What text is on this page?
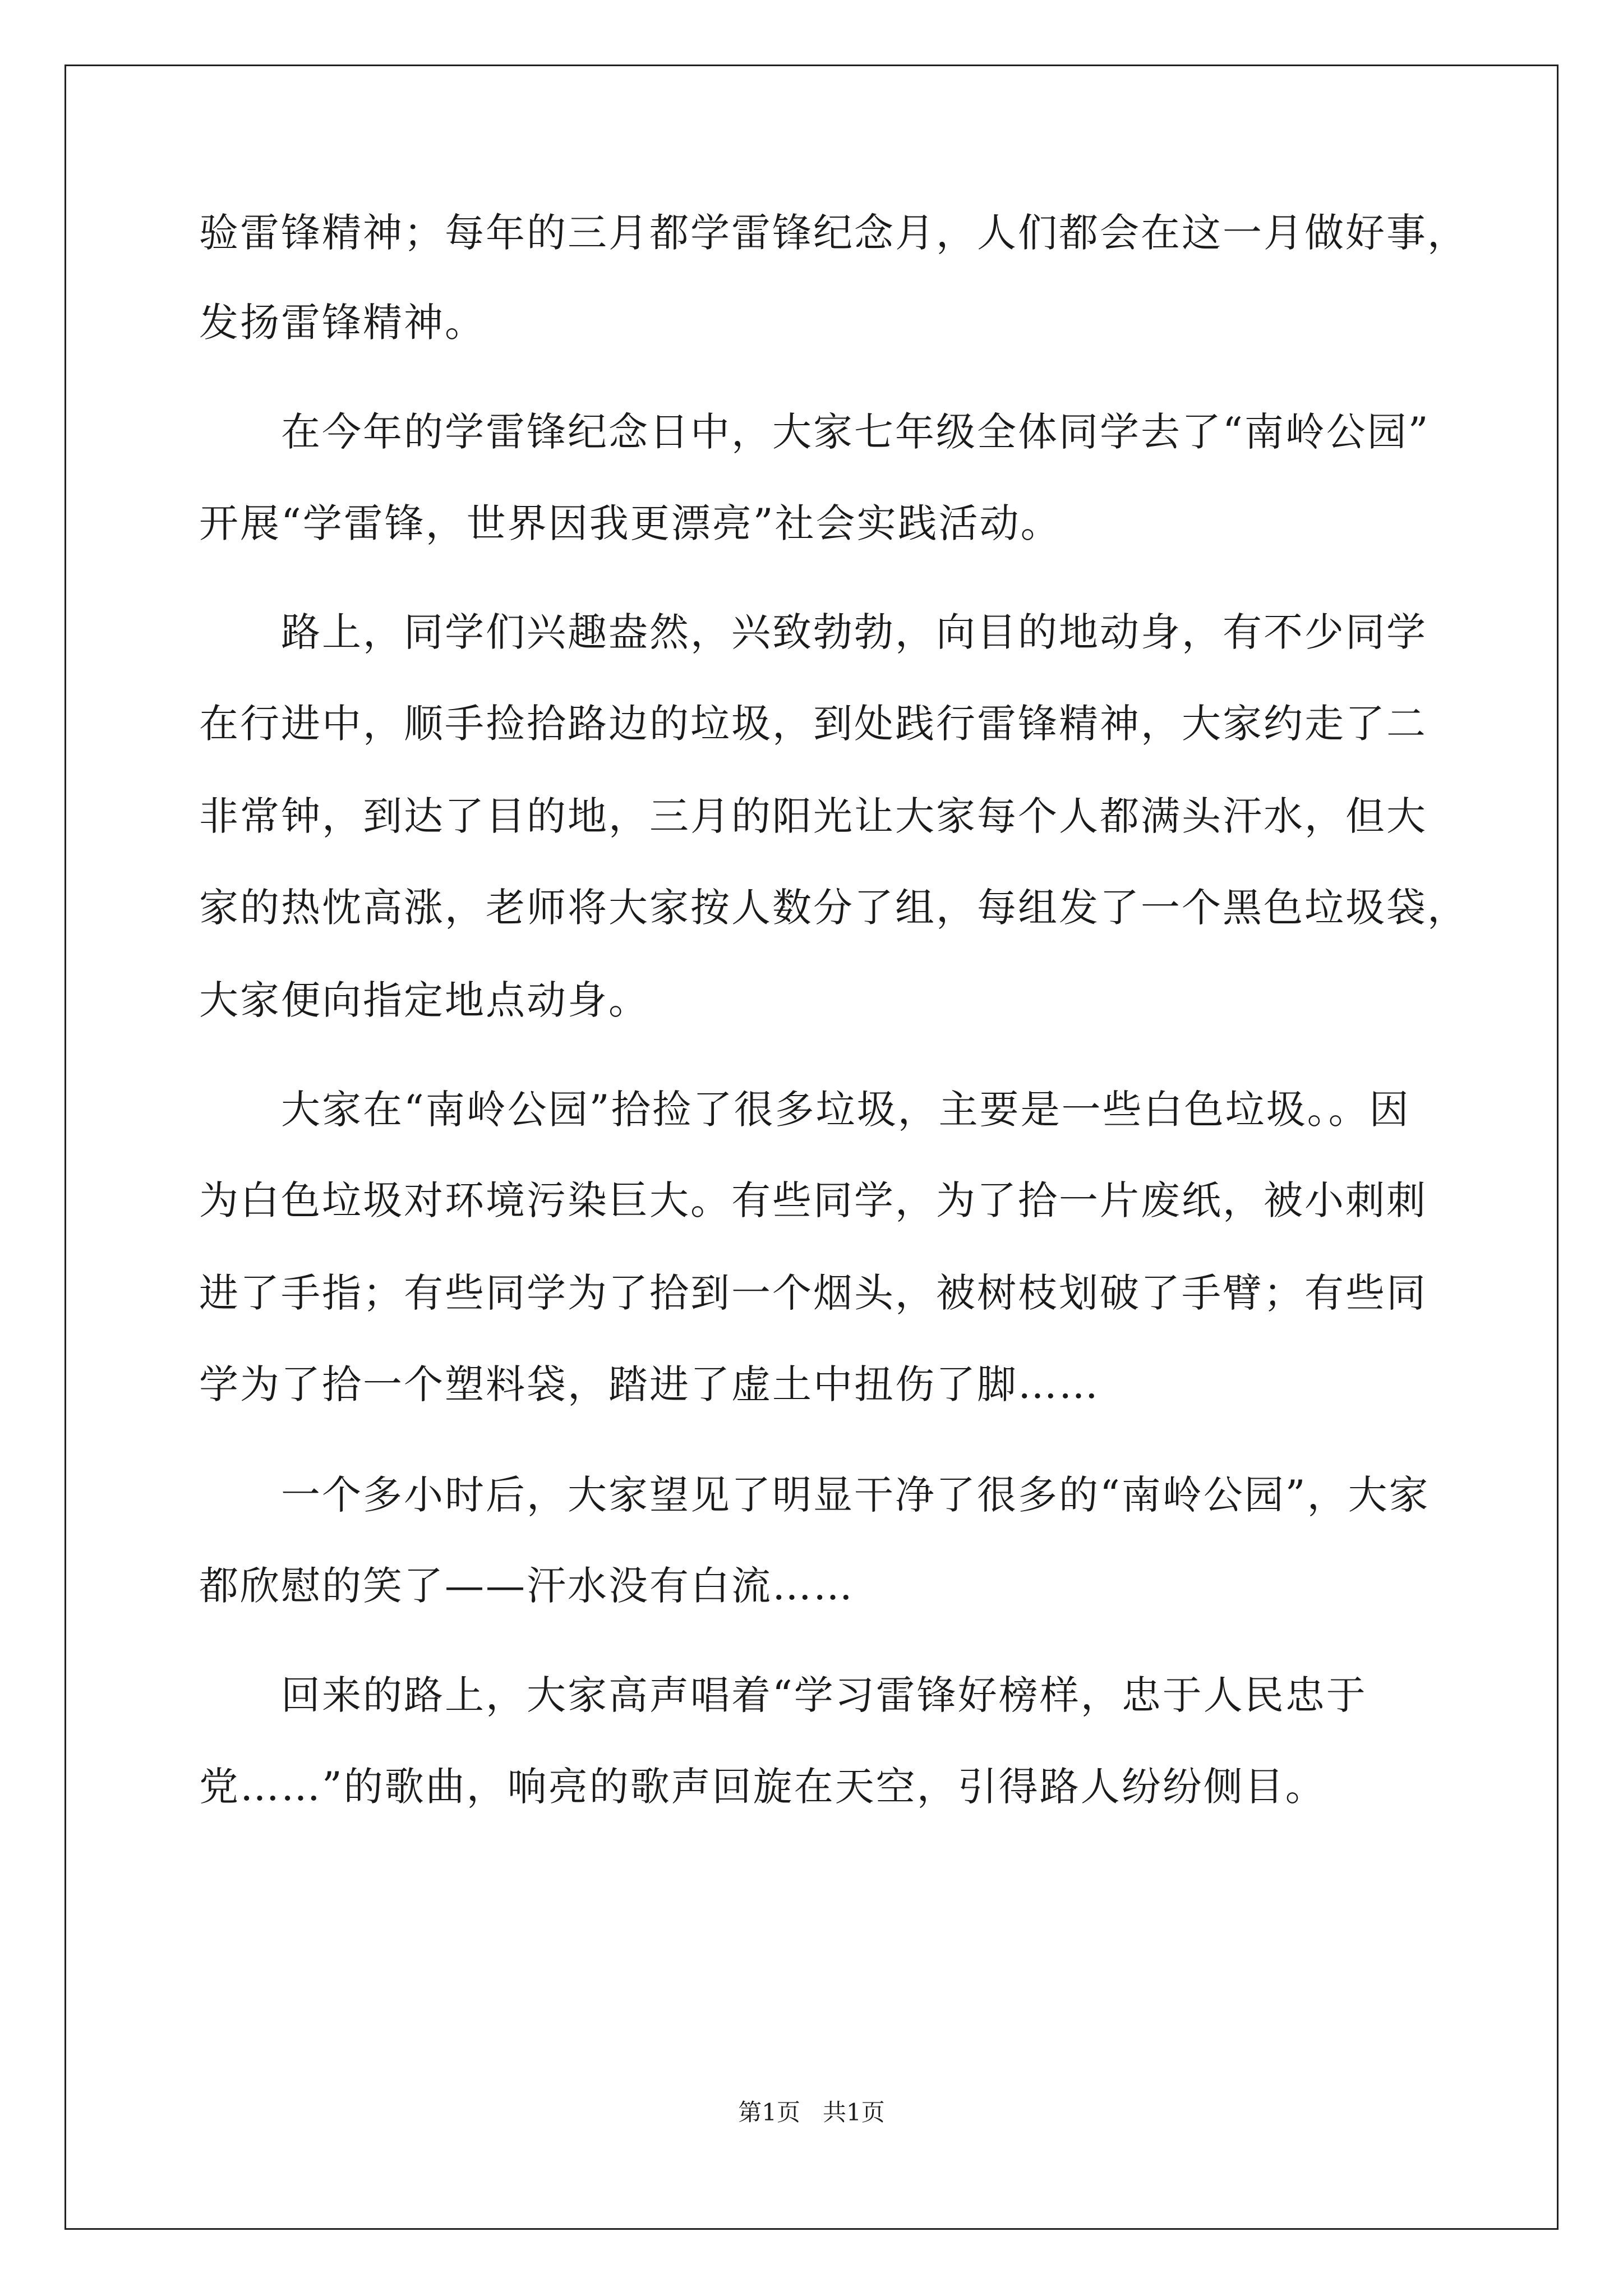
验雷锋精神；每年的三月都学雷锋纪念月，人们都会在这一月做好事，

发扬雷锋精神。

　　在今年的学雷锋纪念日中，大家七年级全体同学去了“南岭公园”

开展“学雷锋，世界因我更漂亮”社会实践活动。

　　路上，同学们兴趣盎然，兴致勃勃，向目的地动身，有不少同学

在行进中，顺手捡拾路边的垃圾，到处践行雷锋精神，大家约走了二

非常钟，到达了目的地，三月的阳光让大家每个人都满头汗水，但大

家的热忱高涨，老师将大家按人数分了组，每组发了一个黑色垃圾袋，

大家便向指定地点动身。

　　大家在“南岭公园”拾捡了很多垃圾，主要是一些白色垃圾。。因

为白色垃圾对环境污染巨大。有些同学，为了拾一片废纸，被小刺刺

进了手指；有些同学为了拾到一个烟头，被树枝划破了手臂；有些同

学为了拾一个塑料袋，踏进了虚土中扭伤了脚……

　　一个多小时后，大家望见了明显干净了很多的“南岭公园”，大家

都欣慰的笑了——汗水没有白流……

　　回来的路上，大家高声唱着“学习雷锋好榜样，忠于人民忠于

党……”的歌曲，响亮的歌声回旋在天空，引得路人纷纷侧目。

第1页   共1页
